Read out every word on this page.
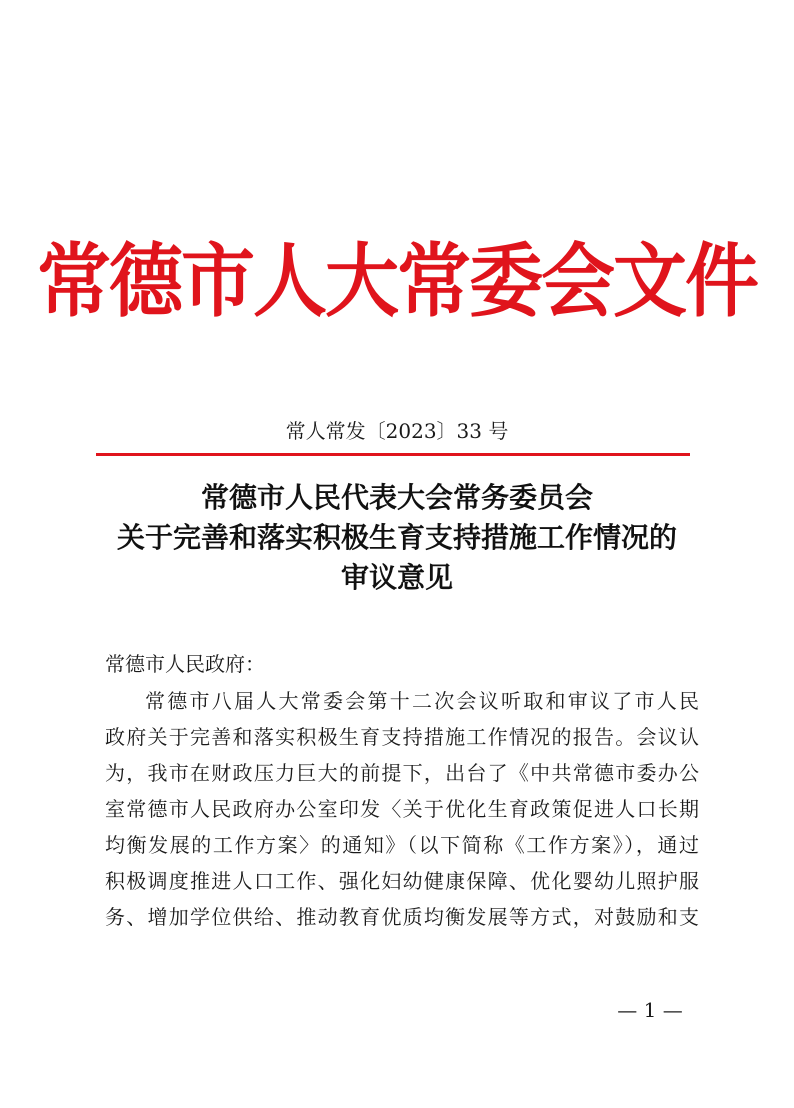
常德市人大常委会文件
常人常发〔2023〕33 号
常德市人民代表大会常务委员会
关于完善和落实积极生育支持措施工作情况的
审议意见
常德市人民政府：
常德市八届人大常委会第十二次会议听取和审议了市人民
政府关于完善和落实积极生育支持措施工作情况的报告。会议认
为，我市在财政压力巨大的前提下，出台了《中共常德市委办公
室常德市人民政府办公室印发〈关于优化生育政策促进人口长期
均衡发展的工作方案〉的通知》（以下简称《工作方案》），通过
积极调度推进人口工作、强化妇幼健康保障、优化婴幼儿照护服
务、增加学位供给、推动教育优质均衡发展等方式，对鼓励和支
— 1 —
